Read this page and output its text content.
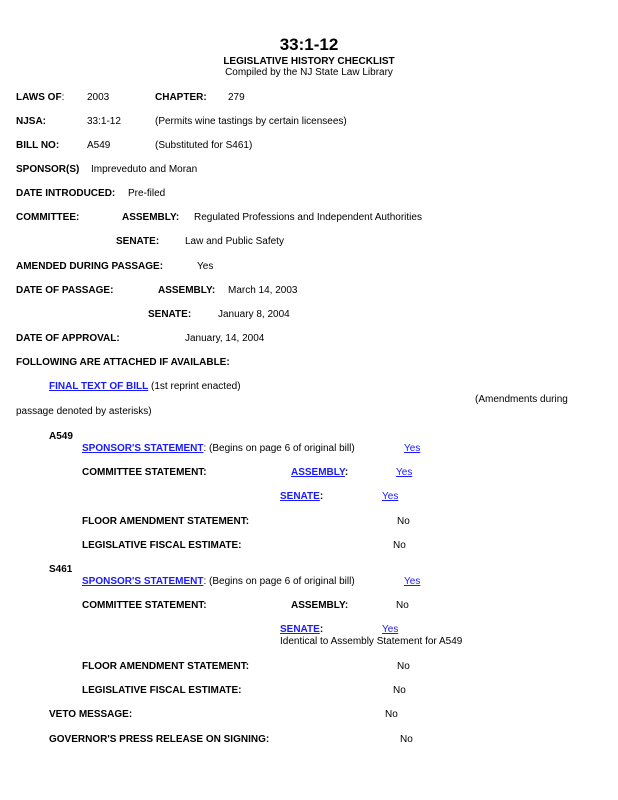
33:1-12
LEGISLATIVE HISTORY CHECKLIST
Compiled by the NJ State Law Library
LAWS OF: 2003	CHAPTER: 279
NJSA:	33:1-12	(Permits wine tastings by certain licensees)
BILL NO:	A549	(Substituted for S461)
SPONSOR(S) Impreveduto and Moran
DATE INTRODUCED: Pre-filed
COMMITTEE:	ASSEMBLY: Regulated Professions and Independent Authorities
SENATE:	Law and Public Safety
AMENDED DURING PASSAGE:	Yes
DATE OF PASSAGE:	ASSEMBLY: March 14, 2003
SENATE:	January 8, 2004
DATE OF APPROVAL:	January, 14, 2004
FOLLOWING ARE ATTACHED IF AVAILABLE:
FINAL TEXT OF BILL (1st reprint enacted)
(Amendments during
passage denoted by asterisks)
A549
SPONSOR'S STATEMENT: (Begins on page 6 of original bill)	Yes
COMMITTEE STATEMENT:	ASSEMBLY:	Yes
SENATE:	Yes
FLOOR AMENDMENT STATEMENT:	No
LEGISLATIVE FISCAL ESTIMATE:	No
S461
SPONSOR'S STATEMENT: (Begins on page 6 of original bill)	Yes
COMMITTEE STATEMENT:	ASSEMBLY:	No
SENATE:	Yes
Identical to Assembly Statement for A549
FLOOR AMENDMENT STATEMENT:	No
LEGISLATIVE FISCAL ESTIMATE:	No
VETO MESSAGE:	No
GOVERNOR'S PRESS RELEASE ON SIGNING:	No
